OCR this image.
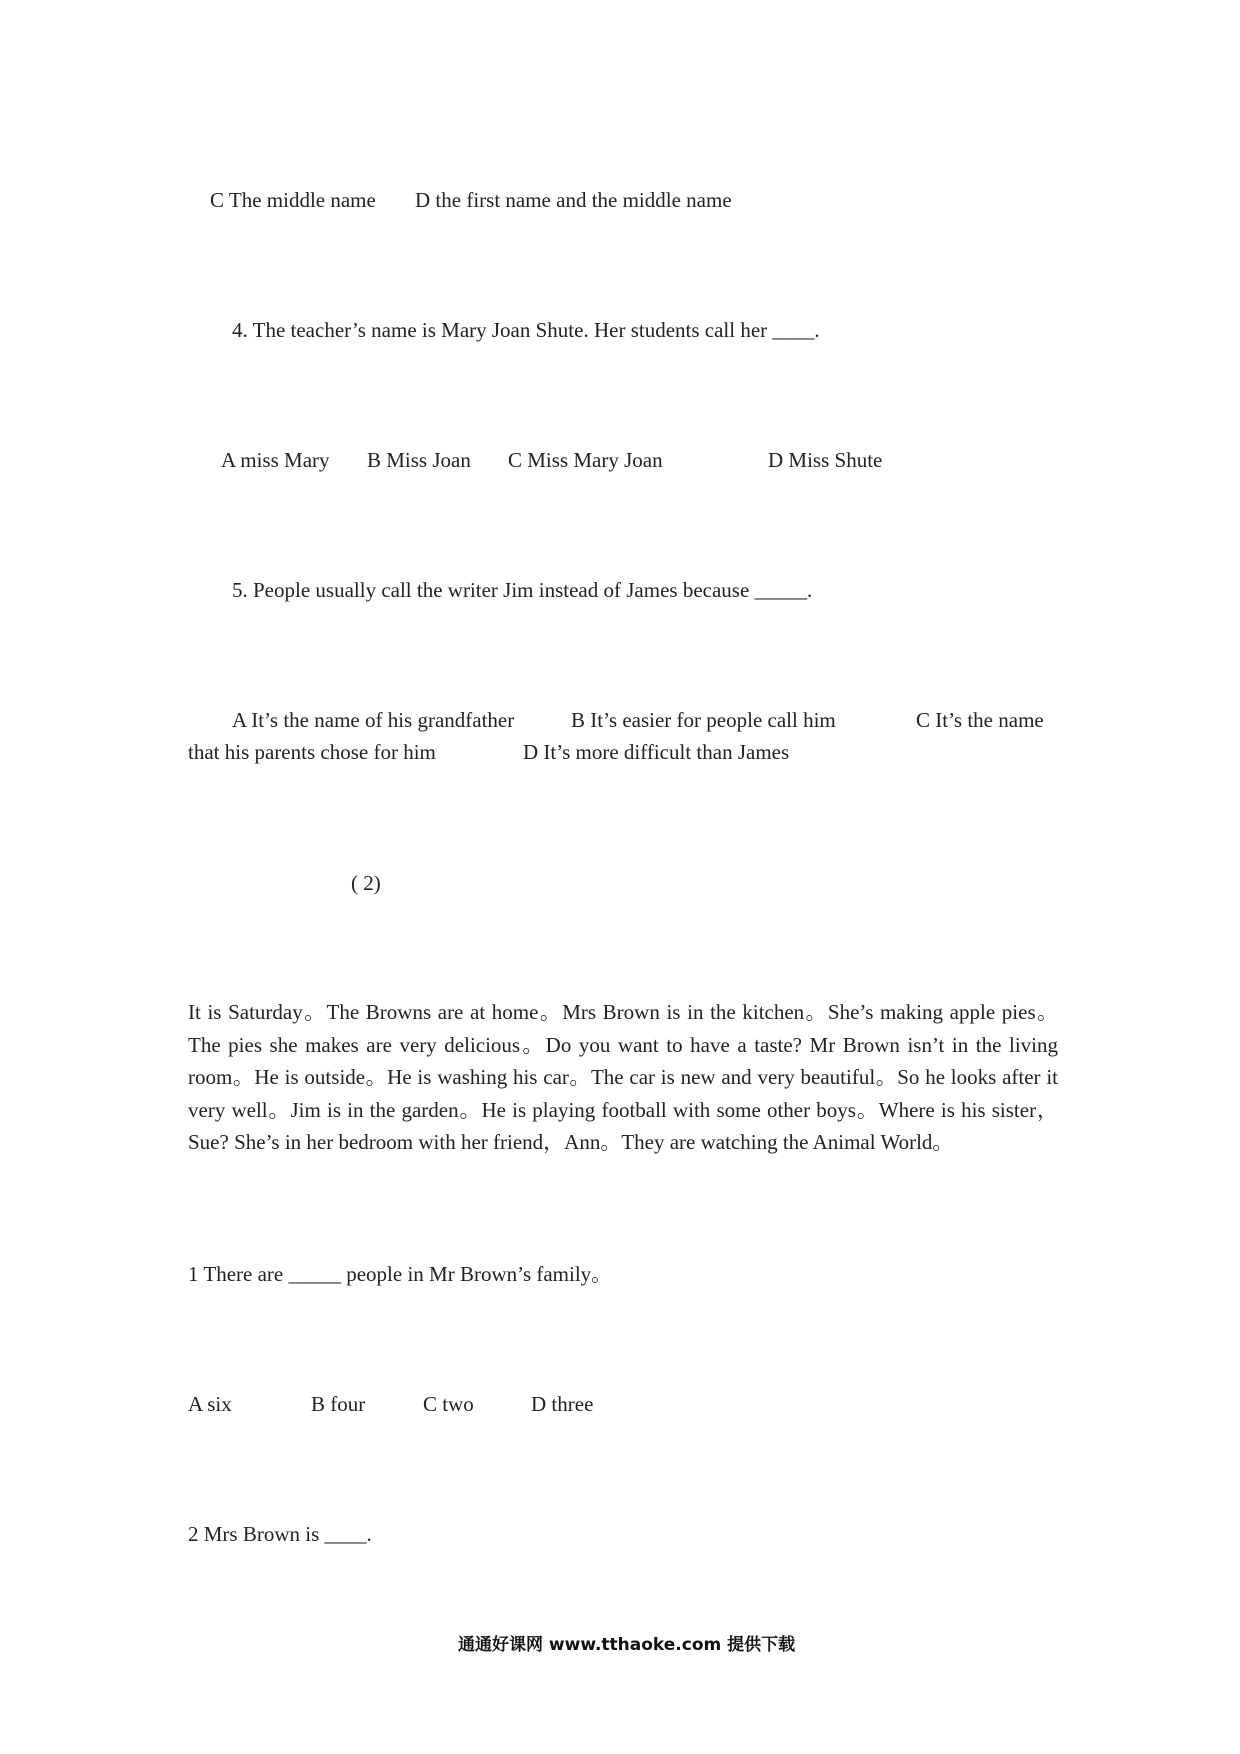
C The middle name D the first name and the middle name
4. The teacher’s name is Mary Joan Shute. Her students call her ____.
A miss Mary B Miss Joan C Miss Mary Joan	D Miss Shute
5. People usually call the writer Jim instead of James because _____.
A It’s the name of his grandfather	B It’s easier for people call him	C It’s the name
that his parents chose for him	D It’s more difficult than James
( 2)
It is Saturday。The Browns are at home。Mrs Brown is in the kitchen。She’s making apple pies。The pies she makes are very delicious。Do you want to have a taste? Mr Brown isn’t in the living room。He is outside。He is washing his car。The car is new and very beautiful。So he looks after it very well。Jim is in the garden。He is playing football with some other boys。Where is his sister，Sue? She’s in her bedroom with her friend，Ann。They are watching the Animal World。
1 There are _____ people in Mr Brown’s family。
A six	B four	C two	D three
2 Mrs Brown is ____.
通通好课网 www.tthaoke.com 提供下载
